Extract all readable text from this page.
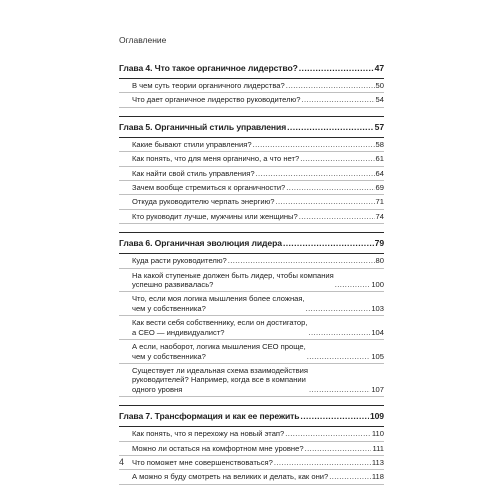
Оглавление
Глава 4. Что такое органичное лидерство? .....	47
В чем суть теории органичного лидерства? .....	50
Что дает органичное лидерство руководителю? .....	54
Глава 5. Органичный стиль управления .....	57
Какие бывают стили управления? .....	58
Как понять, что для меня органично, а что нет? .....	61
Как найти свой стиль управления? .....	64
Зачем вообще стремиться к органичности? .....	69
Откуда руководителю черпать энергию? .....	71
Кто руководит лучше, мужчины или женщины? .....	74
Глава 6. Органичная эволюция лидера .....	79
Куда расти руководителю? .....	80
На какой ступеньке должен быть лидер, чтобы компания
успешно развивалась? .....	100
Что, если моя логика мышления более сложная,
чем у собственника? .....	103
Как вести себя собственнику, если он достигатор,
а CEO — индивидуалист? .....	104
А если, наоборот, логика мышления CEO проще,
чем у собственника? .....	105
Существует ли идеальная схема взаимодействия
руководителей? Например, когда все в компании
одного уровня .....	107
Глава 7. Трансформация и как ее пережить .....	109
Как понять, что я перехожу на новый этап? .....	110
Можно ли остаться на комфортном мне уровне? .....	111
Что поможет мне совершенствоваться? .....	113
А можно я буду смотреть на великих и делать, как они? .....	118
4
